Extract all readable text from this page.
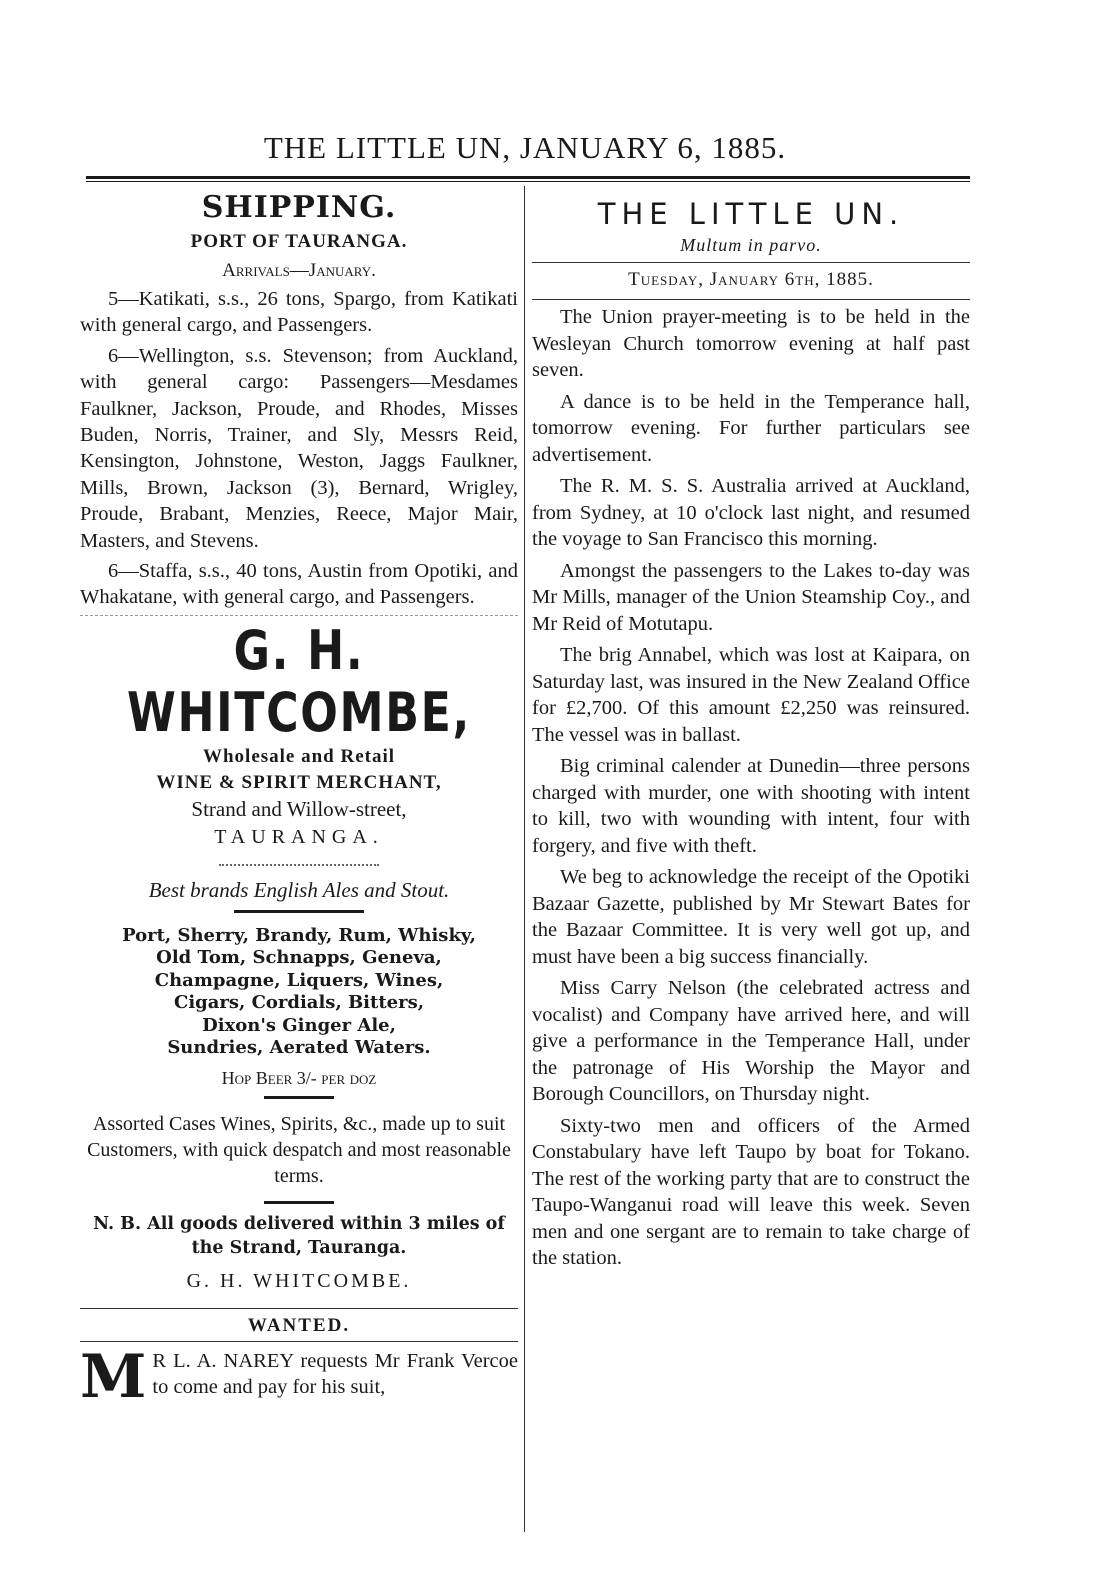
THE LITTLE UN, JANUARY 6, 1885.
SHIPPING.
PORT OF TAURANGA.
Arrivals—January.

5—Katikati, s.s., 26 tons, Spargo, from Katikati with general cargo, and Passengers.

6—Wellington, s.s. Stevenson; from Auckland, with general cargo: Passengers—Mesdames Faulkner, Jackson, Proude, and Rhodes, Misses Buden, Norris, Trainer, and Sly, Messrs Reid, Kensington, Johnstone, Weston, Jaggs Faulkner, Mills, Brown, Jackson (3), Bernard, Wrigley, Proude, Brabant, Menzies, Reece, Major Mair, Masters, and Stevens.

6—Staffa, s.s., 40 tons, Austin from Opotiki, and Whakatane, with general cargo, and Passengers.

G. H. WHITCOMBE,
Wholesale and Retail
WINE & SPIRIT MERCHANT,
Strand and Willow-street,
TAURANGA.
Best brands English Ales and Stout.
Port, Sherry, Brandy, Rum, Whisky,
Old Tom, Schnapps, Geneva,
Champagne, Liquers, Wines,
Cigars, Cordials, Bitters,
Dixon's Ginger Ale,
Sundries, Aerated Waters.
Hop Beer 3/- per doz
Assorted Cases Wines, Spirits, &c., made up to suit Customers, with quick despatch and most reasonable terms.
N. B. All goods delivered within 3 miles of the Strand, Tauranga.
G. H. WHITCOMBE.
WANTED.
M R L. A. NAREY requests Mr Frank Vercoe to come and pay for his suit,
THE LITTLE UN.
Multum in parvo.
Tuesday, January 6th, 1885.

The Union prayer-meeting is to be held in the Wesleyan Church tomorrow evening at half past seven.

A dance is to be held in the Temperance hall, tomorrow evening. For further particulars see advertisement.

The R. M. S. S. Australia arrived at Auckland, from Sydney, at 10 o'clock last night, and resumed the voyage to San Francisco this morning.

Amongst the passengers to the Lakes to-day was Mr Mills, manager of the Union Steamship Coy., and Mr Reid of Motutapu.

The brig Annabel, which was lost at Kaipara, on Saturday last, was insured in the New Zealand Office for £2,700. Of this amount £2,250 was reinsured. The vessel was in ballast.

Big criminal calender at Dunedin—three persons charged with murder, one with shooting with intent to kill, two with wounding with intent, four with forgery, and five with theft.

We beg to acknowledge the receipt of the Opotiki Bazaar Gazette, published by Mr Stewart Bates for the Bazaar Committee. It is very well got up, and must have been a big success financially.

Miss Carry Nelson (the celebrated actress and vocalist) and Company have arrived here, and will give a performance in the Temperance Hall, under the patronage of His Worship the Mayor and Borough Councillors, on Thursday night.

Sixty-two men and officers of the Armed Constabulary have left Taupo by boat for Tokano. The rest of the working party that are to construct the Taupo-Wanganui road will leave this week. Seven men and one sergant are to remain to take charge of the station.
